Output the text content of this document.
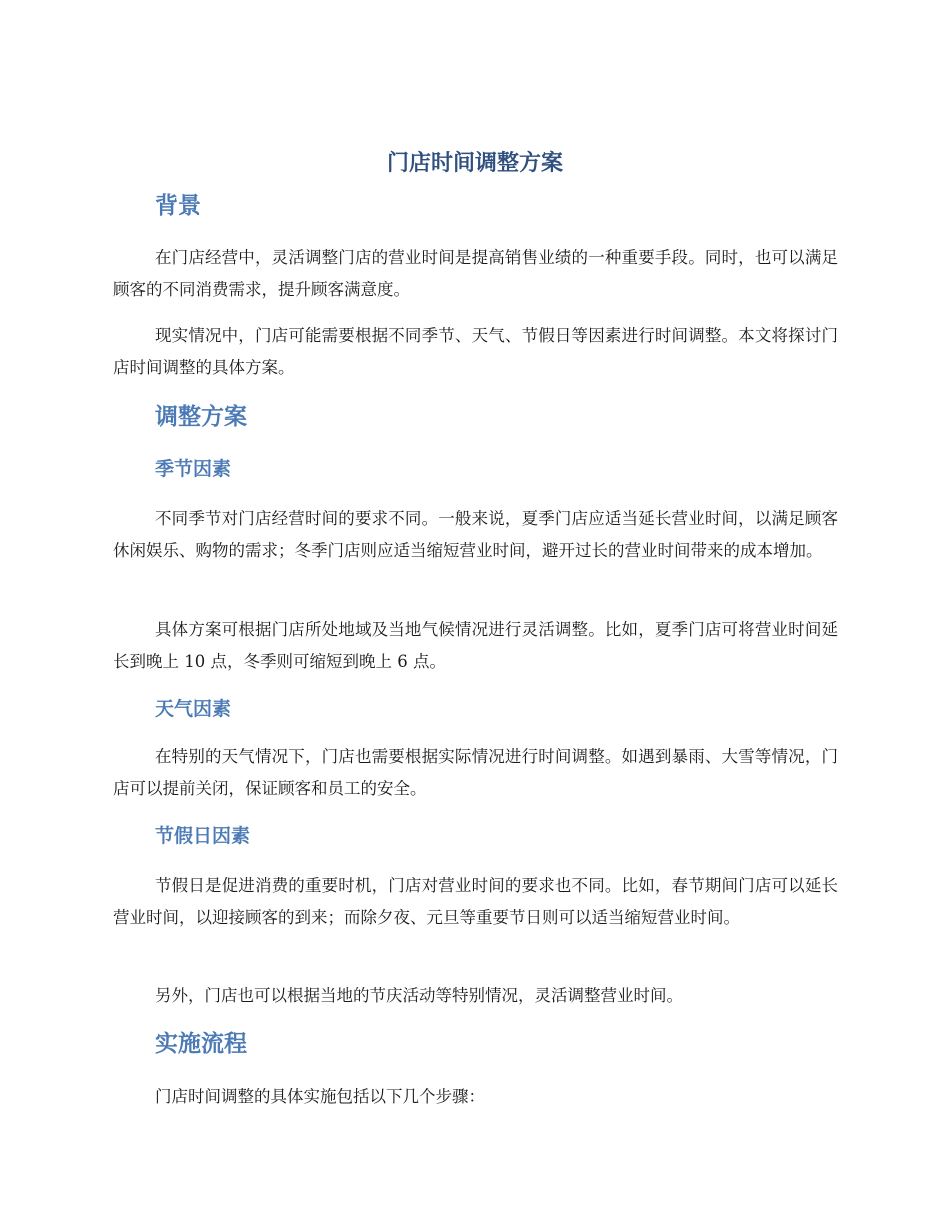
门店时间调整方案
背景

在门店经营中，灵活调整门店的营业时间是提高销售业绩的一种重要手段。同时，也可以满足顾客的不同消费需求，提升顾客满意度。

现实情况中，门店可能需要根据不同季节、天气、节假日等因素进行时间调整。本文将探讨门店时间调整的具体方案。

调整方案
季节因素

不同季节对门店经营时间的要求不同。一般来说，夏季门店应适当延长营业时间，以满足顾客休闲娱乐、购物的需求；冬季门店则应适当缩短营业时间，避开过长的营业时间带来的成本增加。

具体方案可根据门店所处地域及当地气候情况进行灵活调整。比如，夏季门店可将营业时间延长到晚上 10 点，冬季则可缩短到晚上 6 点。

天气因素

在特别的天气情况下，门店也需要根据实际情况进行时间调整。如遇到暴雨、大雪等情况，门店可以提前关闭，保证顾客和员工的安全。

节假日因素

节假日是促进消费的重要时机，门店对营业时间的要求也不同。比如，春节期间门店可以延长营业时间，以迎接顾客的到来；而除夕夜、元旦等重要节日则可以适当缩短营业时间。

另外，门店也可以根据当地的节庆活动等特别情况，灵活调整营业时间。

实施流程

门店时间调整的具体实施包括以下几个步骤：
